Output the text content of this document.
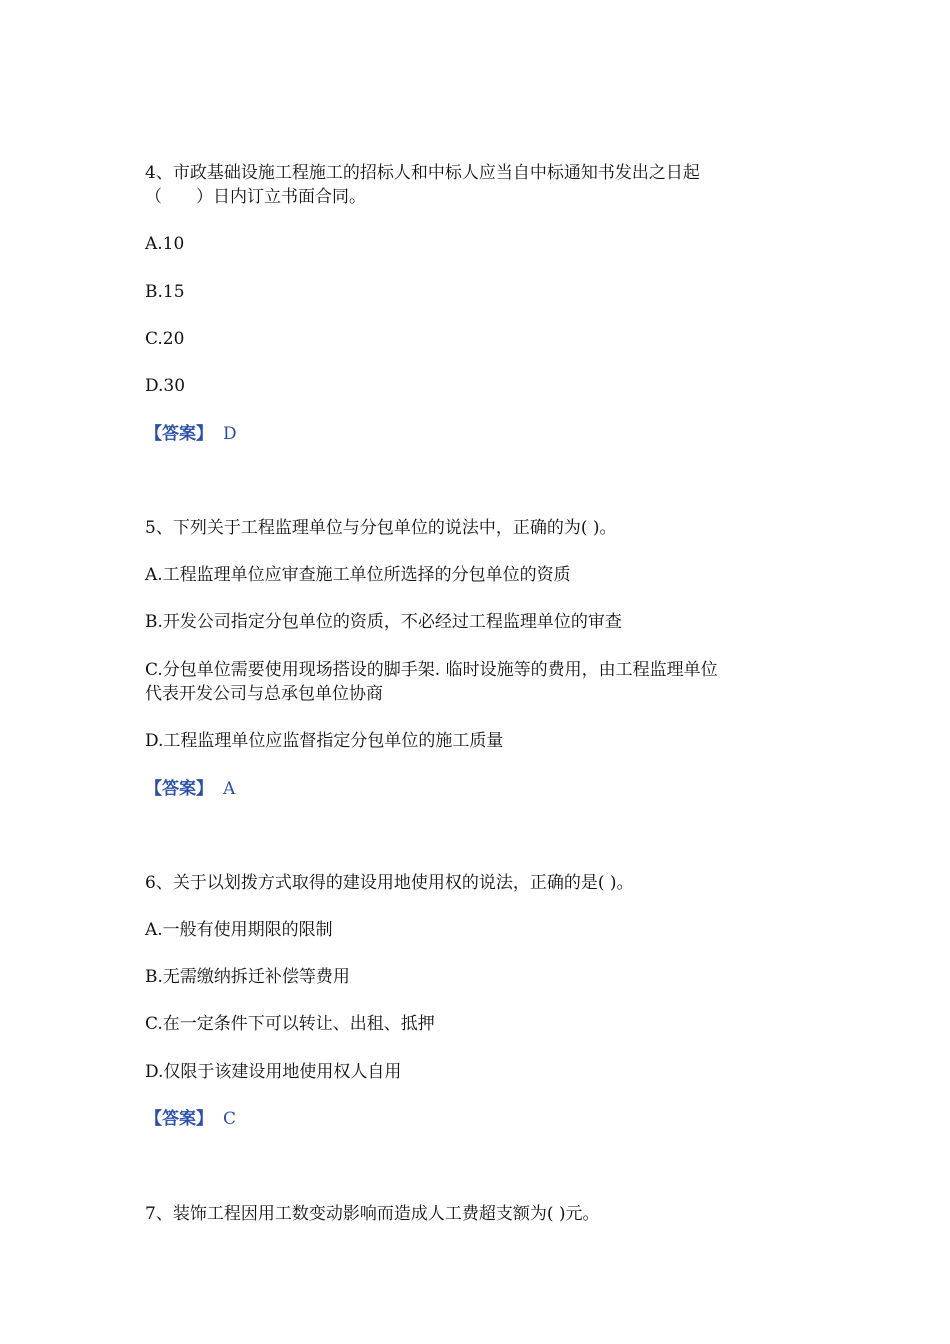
4、市政基础设施工程施工的招标人和中标人应当自中标通知书发出之日起

（　　）日内订立书面合同。

A.10

B.15

C.20

D.30

【答案】 D

5、下列关于工程监理单位与分包单位的说法中，正确的为( )。

A.工程监理单位应审查施工单位所选择的分包单位的资质

B.开发公司指定分包单位的资质，不必经过工程监理单位的审查

C.分包单位需要使用现场搭设的脚手架. 临时设施等的费用，由工程监理单位

代表开发公司与总承包单位协商

D.工程监理单位应监督指定分包单位的施工质量

【答案】 A

6、关于以划拨方式取得的建设用地使用权的说法，正确的是( )。

A.一般有使用期限的限制

B.无需缴纳拆迁补偿等费用

C.在一定条件下可以转让、出租、抵押

D.仅限于该建设用地使用权人自用

【答案】 C

7、装饰工程因用工数变动影响而造成人工费超支额为( )元。
